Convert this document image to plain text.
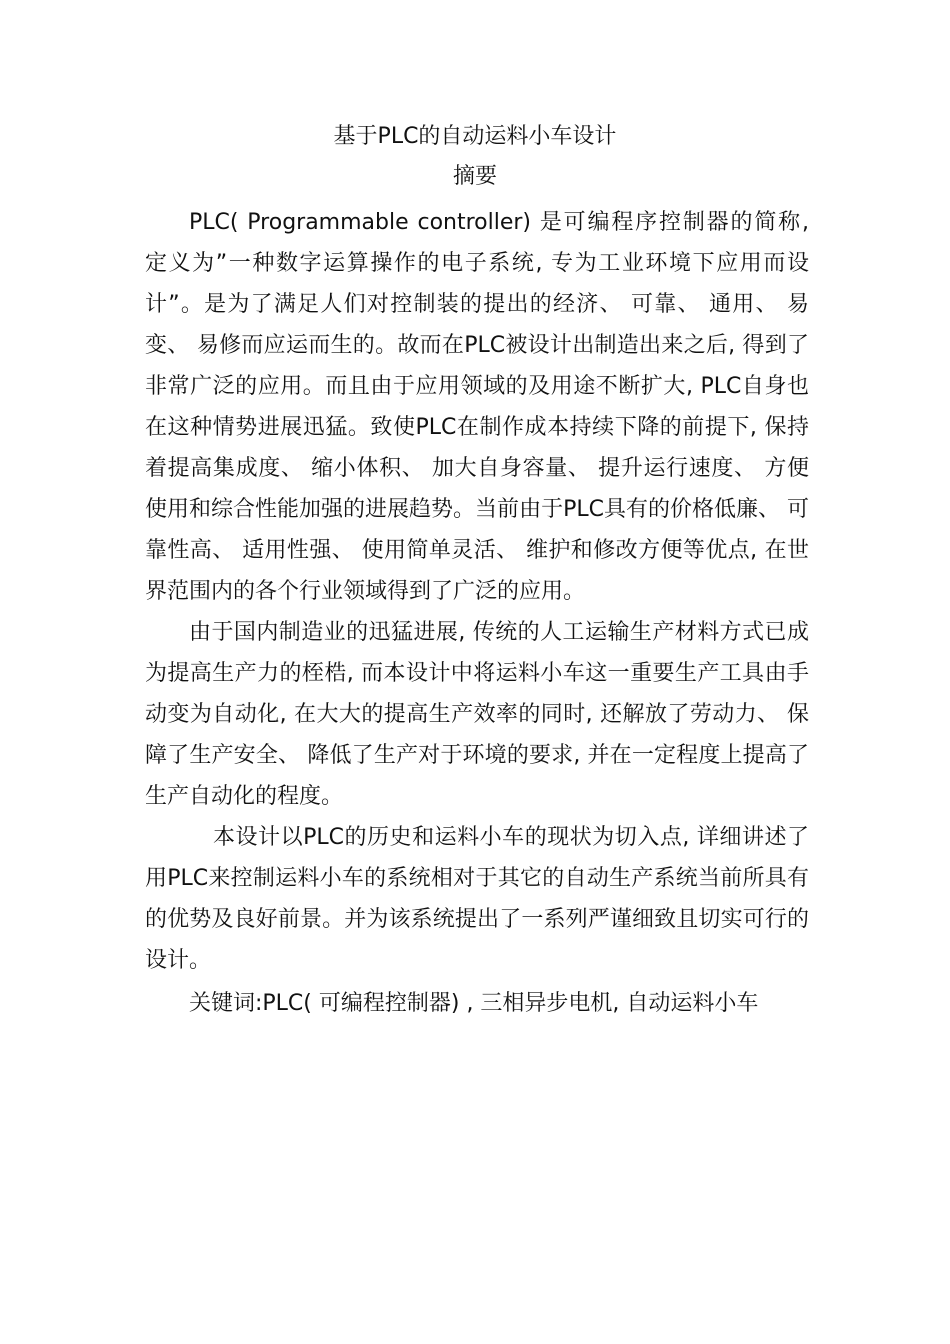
基于PLC的自动运料小车设计
摘要

PLC( Programmable controller) 是可编程序控制器的简称, 定义为”一种数字运算操作的电子系统, 专为工业环境下应用而设计”。是为了满足人们对控制装的提出的经济、 可靠、 通用、 易变、 易修而应运而生的。故而在PLC被设计出制造出来之后, 得到了非常广泛的应用。而且由于应用领域的及用途不断扩大, PLC自身也在这种情势进展迅猛。致使PLC在制作成本持续下降的前提下, 保持着提高集成度、 缩小体积、 加大自身容量、 提升运行速度、 方便使用和综合性能加强的进展趋势。当前由于PLC具有的价格低廉、 可靠性高、 适用性强、 使用简单灵活、 维护和修改方便等优点, 在世界范围内的各个行业领域得到了广泛的应用。

由于国内制造业的迅猛进展, 传统的人工运输生产材料方式已成为提高生产力的桎梏, 而本设计中将运料小车这一重要生产工具由手动变为自动化, 在大大的提高生产效率的同时, 还解放了劳动力、 保障了生产安全、 降低了生产对于环境的要求, 并在一定程度上提高了生产自动化的程度。

本设计以PLC的历史和运料小车的现状为切入点, 详细讲述了用PLC来控制运料小车的系统相对于其它的自动生产系统当前所具有的优势及良好前景。并为该系统提出了一系列严谨细致且切实可行的设计。

关键词:PLC( 可编程控制器) , 三相异步电机, 自动运料小车
